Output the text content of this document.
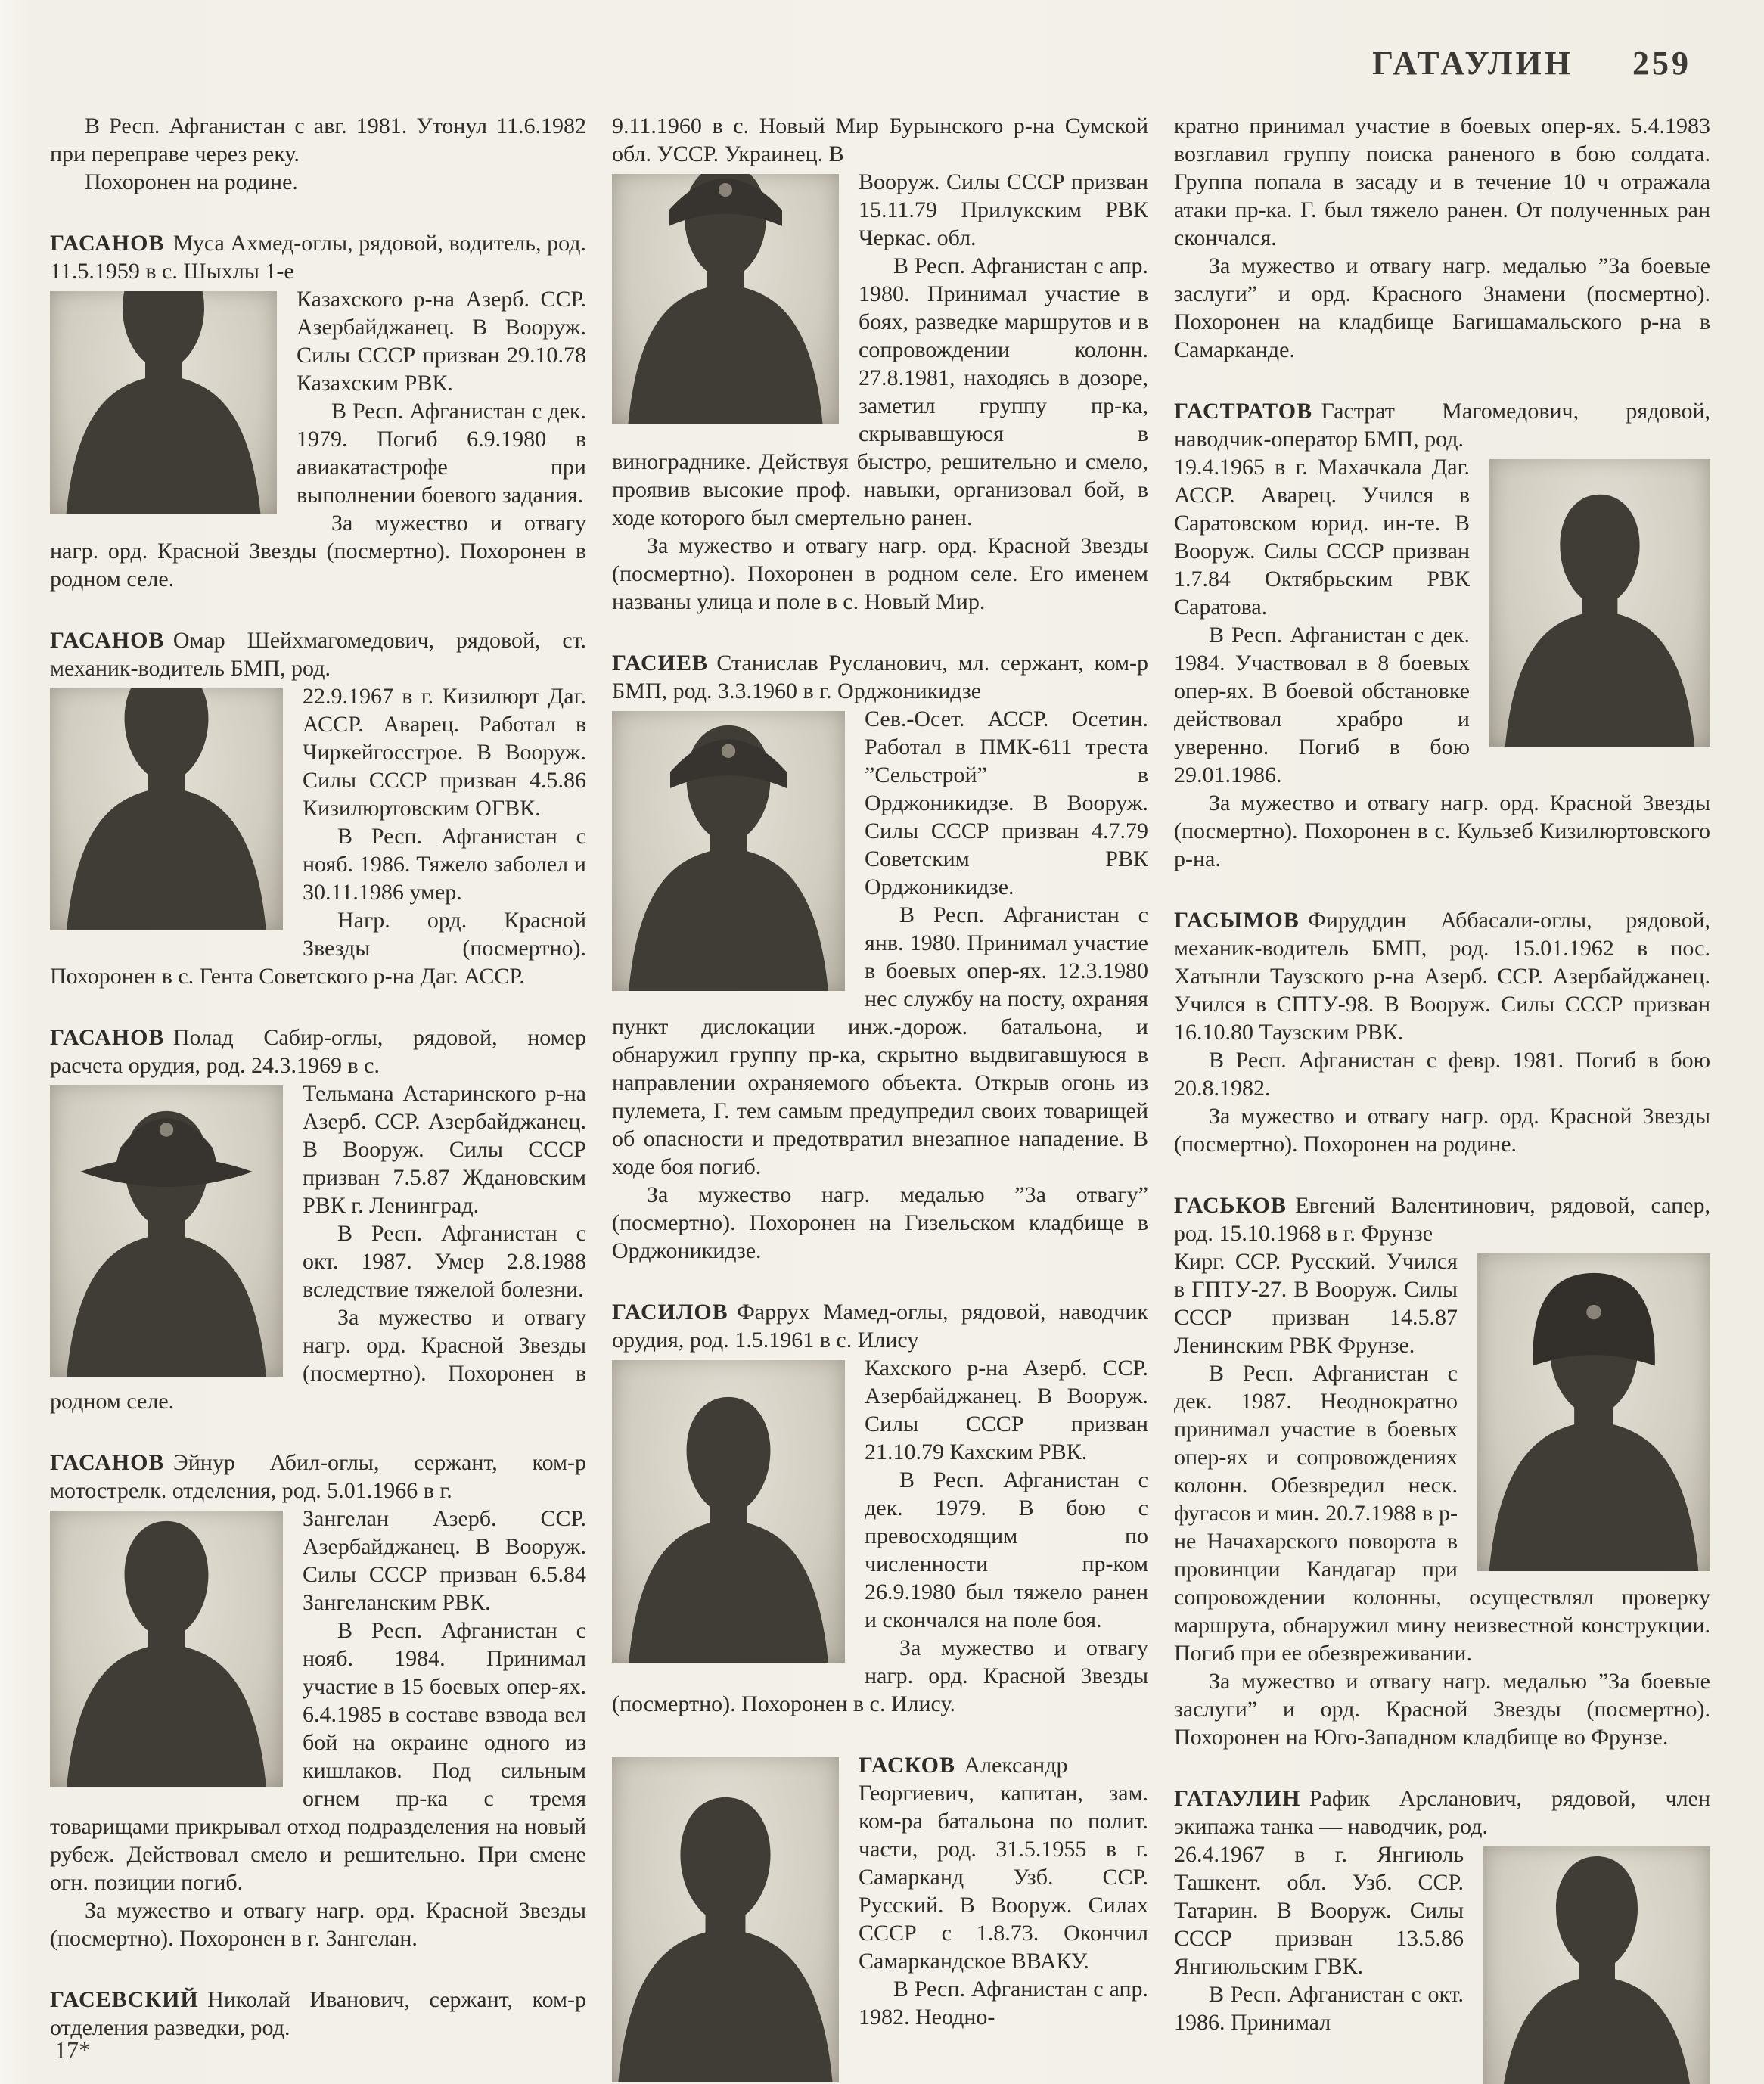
ГАТАУЛИН 259

В Респ. Афганистан с авг. 1981. Утонул 11.6.1982 при переправе через реку.

Похоронен на родине.

ГАСАНОВ Муса Ахмед-оглы, рядовой, водитель, род. 11.5.1959 в с. Шыхлы 1-е

Казахского р-на Азерб. ССР. Азербайджанец. В Вооруж. Силы СССР призван 29.10.78 Казахским РВК.

В Респ. Афганистан с дек. 1979. Погиб 6.9.1980 в авиакатастрофе при выполнении боевого задания.

За мужество и отвагу нагр. орд. Красной Звезды (посмертно). Похоронен в родном селе.

ГАСАНОВ Омар Шейхмагомедович, рядовой, ст. механик-водитель БМП, род.

22.9.1967 в г. Кизилюрт Даг. АССР. Аварец. Работал в Чиркейгосстрое. В Вооруж. Силы СССР призван 4.5.86 Кизилюртовским ОГВК.

В Респ. Афганистан с нояб. 1986. Тяжело заболел и 30.11.1986 умер.

Нагр. орд. Красной Звезды (посмертно). Похоронен в с. Гента Советского р-на Даг. АССР.

ГАСАНОВ Полад Сабир-оглы, рядовой, номер расчета орудия, род. 24.3.1969 в с.

Тельмана Астаринского р-на Азерб. ССР. Азербайджанец. В Вооруж. Силы СССР призван 7.5.87 Ждановским РВК г. Ленинград.

В Респ. Афганистан с окт. 1987. Умер 2.8.1988 вследствие тяжелой болезни.

За мужество и отвагу нагр. орд. Красной Звезды (посмертно). Похоронен в родном селе.

ГАСАНОВ Эйнур Абил-оглы, сержант, ком-р мотострелк. отделения, род. 5.01.1966 в г.

Зангелан Азерб. ССР. Азербайджанец. В Вооруж. Силы СССР призван 6.5.84 Зангеланским РВК.

В Респ. Афганистан с нояб. 1984. Принимал участие в 15 боевых опер-ях. 6.4.1985 в составе взвода вел бой на окраине одного из кишлаков. Под сильным огнем пр-ка с тремя товарищами прикрывал отход подразделения на новый рубеж. Действовал смело и решительно. При смене огн. позиции погиб.

За мужество и отвагу нагр. орд. Красной Звезды (посмертно). Похоронен в г. Зангелан.

ГАСЕВСКИЙ Николай Иванович, сержант, ком-р отделения разведки, род.

9.11.1960 в с. Новый Мир Бурынского р-на Сумской обл. УССР. Украинец. В

Вооруж. Силы СССР призван 15.11.79 Прилукским РВК Черкас. обл.

В Респ. Афганистан с апр. 1980. Принимал участие в боях, разведке маршрутов и в сопровождении колонн. 27.8.1981, находясь в дозоре, заметил группу пр-ка, скрывавшуюся в винограднике. Действуя быстро, решительно и смело, проявив высокие проф. навыки, организовал бой, в ходе которого был смертельно ранен.

За мужество и отвагу нагр. орд. Красной Звезды (посмертно). Похоронен в родном селе. Его именем названы улица и поле в с. Новый Мир.

ГАСИЕВ Станислав Русланович, мл. сержант, ком-р БМП, род. 3.3.1960 в г. Орджоникидзе

Сев.-Осет. АССР. Осетин. Работал в ПМК-611 треста ”Сельстрой” в Орджоникидзе. В Вооруж. Силы СССР призван 4.7.79 Советским РВК Орджоникидзе.

В Респ. Афганистан с янв. 1980. Принимал участие в боевых опер-ях. 12.3.1980 нес службу на посту, охраняя пункт дислокации инж.-дорож. батальона, и обнаружил группу пр-ка, скрытно выдвигавшуюся в направлении охраняемого объекта. Открыв огонь из пулемета, Г. тем самым предупредил своих товарищей об опасности и предотвратил внезапное нападение. В ходе боя погиб.

За мужество нагр. медалью ”За отвагу” (посмертно). Похоронен на Гизельском кладбище в Орджоникидзе.

ГАСИЛОВ Фаррух Мамед-оглы, рядовой, наводчик орудия, род. 1.5.1961 в с. Илису

Кахского р-на Азерб. ССР. Азербайджанец. В Вооруж. Силы СССР призван 21.10.79 Кахским РВК.

В Респ. Афганистан с дек. 1979. В бою с превосходящим по численности пр-ком 26.9.1980 был тяжело ранен и скончался на поле боя.

За мужество и отвагу нагр. орд. Красной Звезды (посмертно). Похоронен в с. Илису.

ГАСКОВ Александр Георгиевич, капитан, зам. ком-ра батальона по полит. части, род. 31.5.1955 в г. Самарканд Узб. ССР. Русский. В Вооруж. Силах СССР с 1.8.73. Окончил Самаркандское ВВАКУ.

В Респ. Афганистан с апр. 1982. Неодно-

кратно принимал участие в боевых опер-ях. 5.4.1983 возглавил группу поиска раненого в бою солдата. Группа попала в засаду и в течение 10 ч отражала атаки пр-ка. Г. был тяжело ранен. От полученных ран скончался.

За мужество и отвагу нагр. медалью ”За боевые заслуги” и орд. Красного Знамени (посмертно). Похоронен на кладбище Багишамальского р-на в Самарканде.

ГАСТРАТОВ Гастрат Магомедович, рядовой, наводчик-оператор БМП, род.

19.4.1965 в г. Махачкала Даг. АССР. Аварец. Учился в Саратовском юрид. ин-те. В Вооруж. Силы СССР призван 1.7.84 Октябрьским РВК Саратова.

В Респ. Афганистан с дек. 1984. Участвовал в 8 боевых опер-ях. В боевой обстановке действовал храбро и уверенно. Погиб в бою 29.01.1986.

За мужество и отвагу нагр. орд. Красной Звезды (посмертно). Похоронен в с. Кульзеб Кизилюртовского р-на.

ГАСЫМОВ Фируддин Аббасали-оглы, рядовой, механик-водитель БМП, род. 15.01.1962 в пос. Хатынли Таузского р-на Азерб. ССР. Азербайджанец. Учился в СПТУ-98. В Вооруж. Силы СССР призван 16.10.80 Таузским РВК.

В Респ. Афганистан с февр. 1981. Погиб в бою 20.8.1982.

За мужество и отвагу нагр. орд. Красной Звезды (посмертно). Похоронен на родине.

ГАСЬКОВ Евгений Валентинович, рядовой, сапер, род. 15.10.1968 в г. Фрунзе

Кирг. ССР. Русский. Учился в ГПТУ-27. В Вооруж. Силы СССР призван 14.5.87 Ленинским РВК Фрунзе.

В Респ. Афганистан с дек. 1987. Неоднократно принимал участие в боевых опер-ях и сопровождениях колонн. Обезвредил неск. фугасов и мин. 20.7.1988 в р-не Начахарского поворота в провинции Кандагар при сопровождении колонны, осуществлял проверку маршрута, обнаружил мину неизвестной конструкции. Погиб при ее обезвреживании.

За мужество и отвагу нагр. медалью ”За боевые заслуги” и орд. Красной Звезды (посмертно). Похоронен на Юго-Западном кладбище во Фрунзе.

ГАТАУЛИН Рафик Арсланович, рядовой, член экипажа танка — наводчик, род.

26.4.1967 в г. Янгиюль Ташкент. обл. Узб. ССР. Татарин. В Вооруж. Силы СССР призван 13.5.86 Янгиюльским ГВК.

В Респ. Афганистан с окт. 1986. Принимал

17*
